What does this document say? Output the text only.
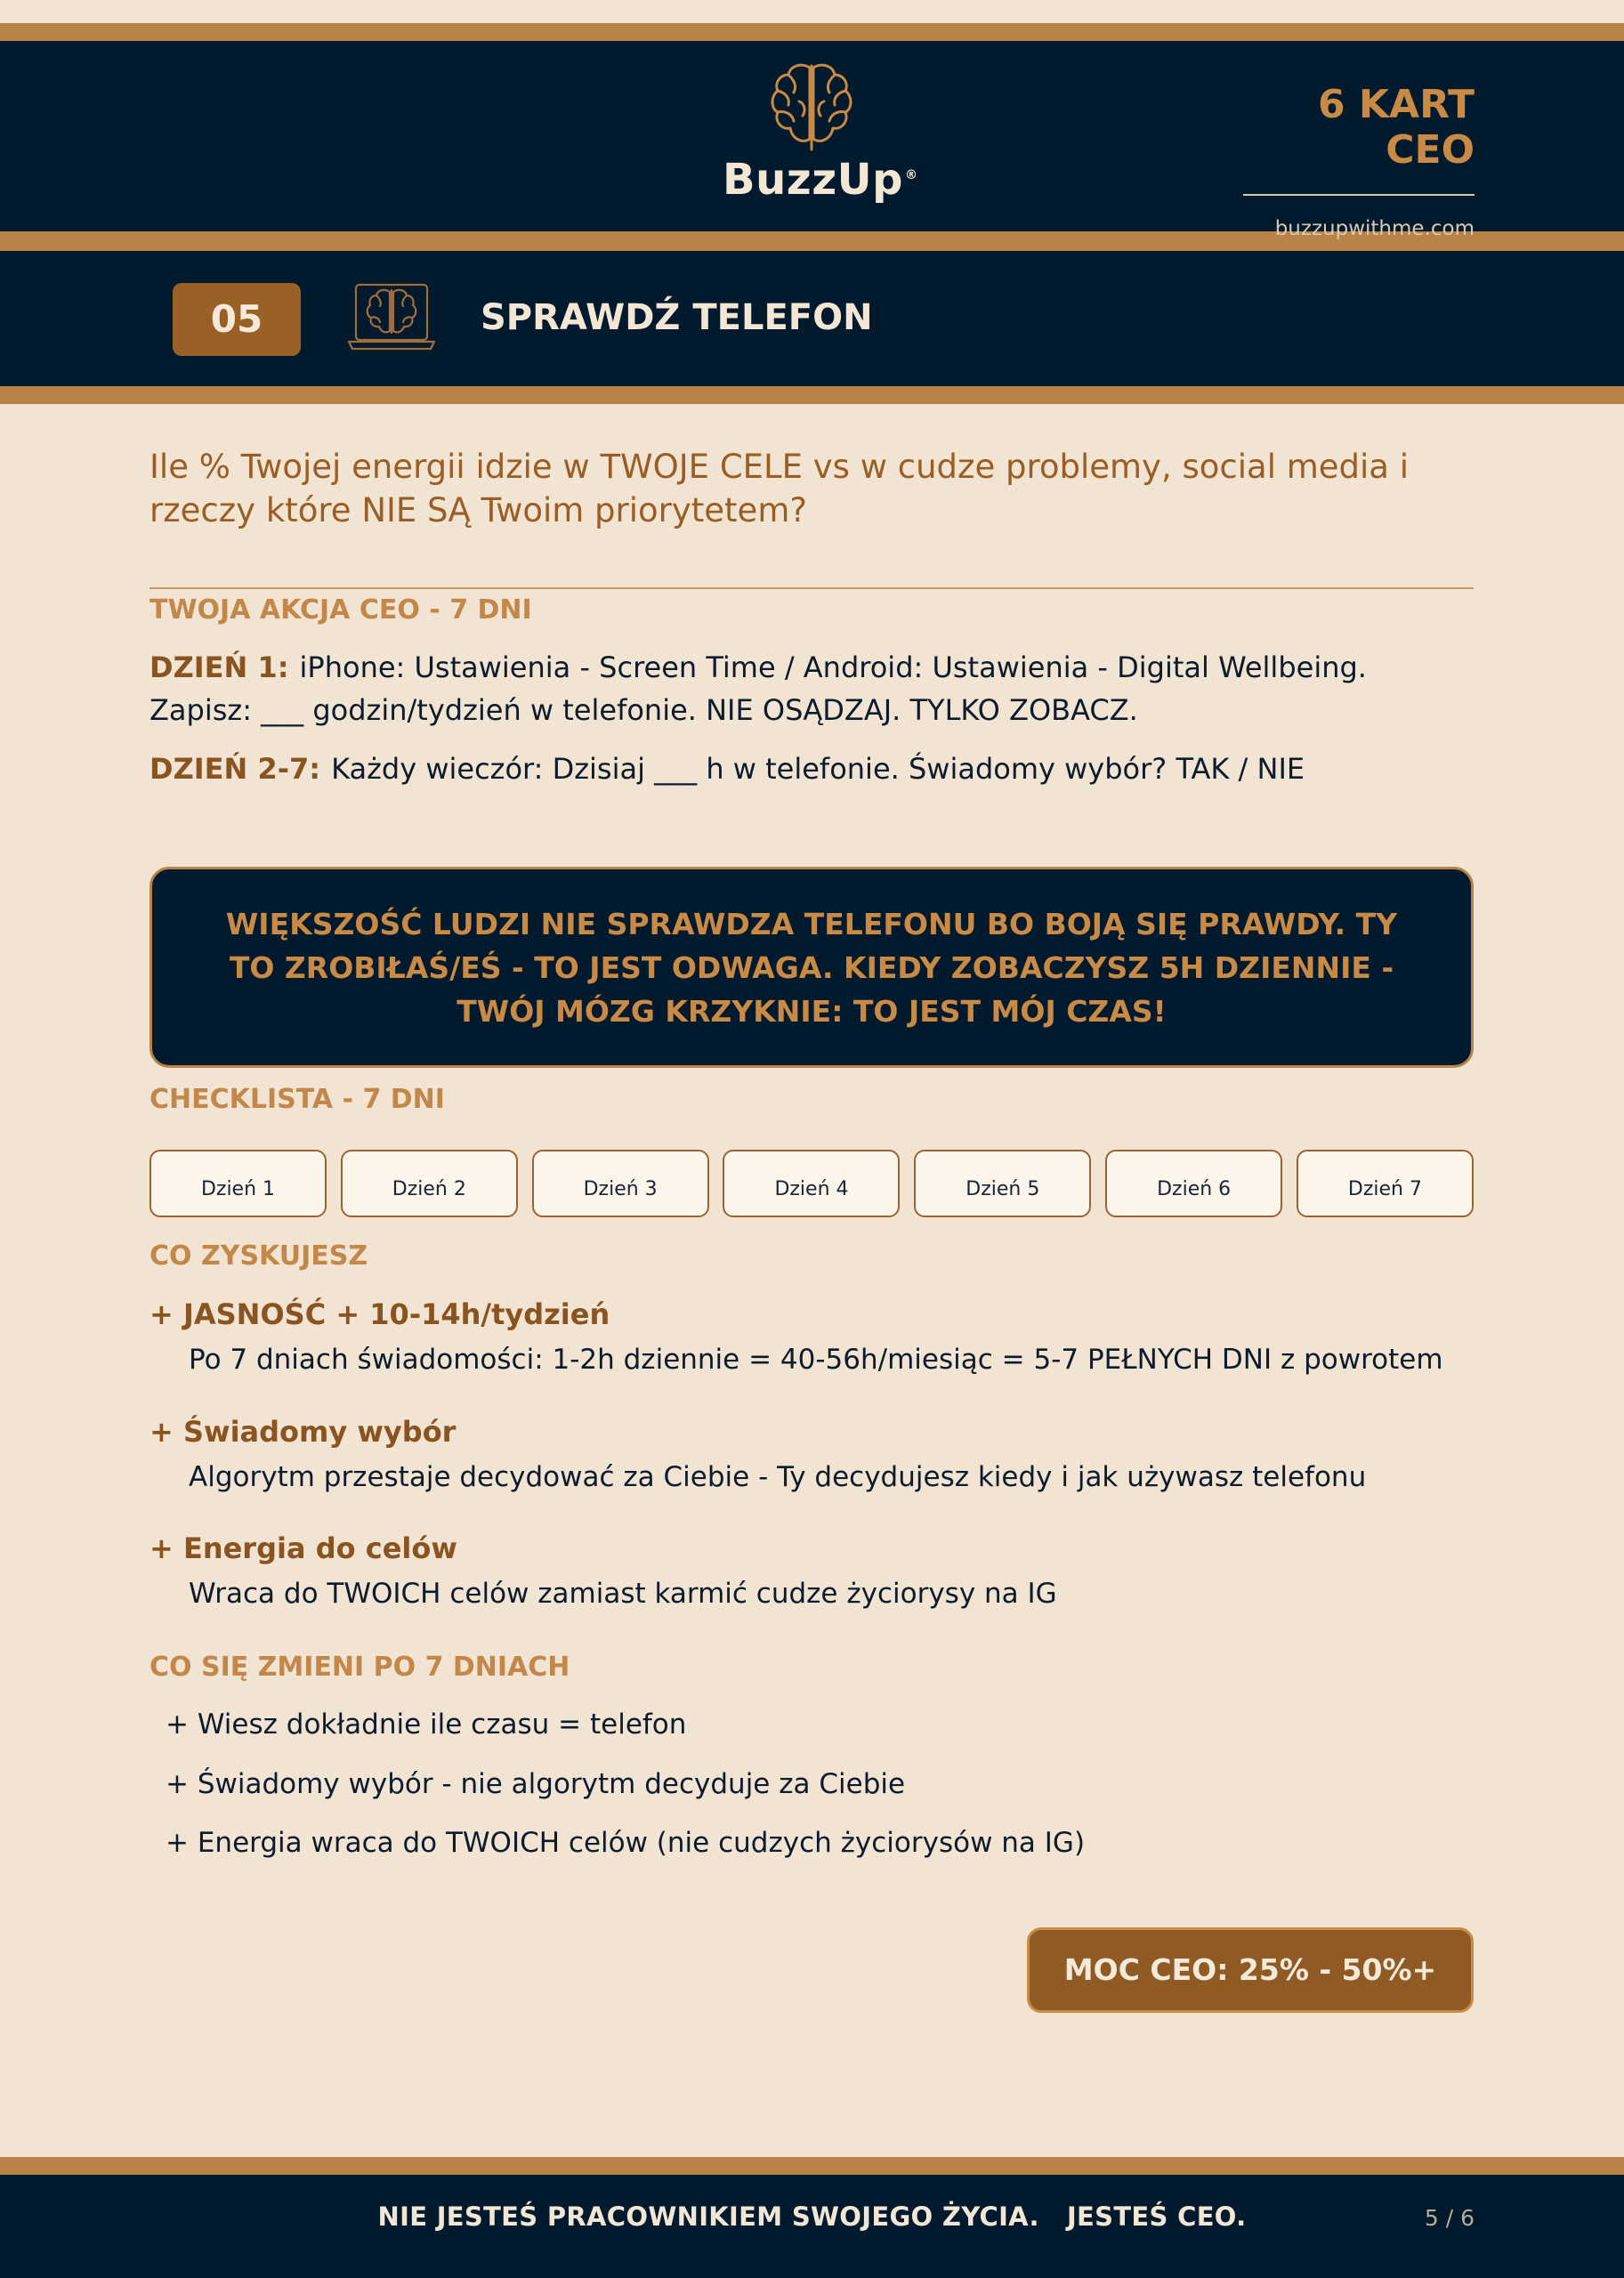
BuzzUp ®
6 KART CEO
buzzupwithme.com
05	SPRAWDŹ TELEFON
Ile % Twojej energii idzie w TWOJE CELE vs w cudze problemy, social media i rzeczy które NIE SĄ Twoim priorytetem?
TWOJA AKCJA CEO - 7 DNI
DZIEŃ 1: iPhone: Ustawienia - Screen Time / Android: Ustawienia - Digital Wellbeing. Zapisz: ___ godzin/tydzień w telefonie. NIE OSĄDZAJ. TYLKO ZOBACZ.
DZIEŃ 2-7: Każdy wieczór: Dzisiaj ___ h w telefonie. Świadomy wybór? TAK / NIE
WIĘKSZOŚĆ LUDZI NIE SPRAWDZA TELEFONU BO BOJĄ SIĘ PRAWDY. TY TO ZROBIŁAŚ/EŚ - TO JEST ODWAGA. KIEDY ZOBACZYSZ 5H DZIENNIE - TWÓJ MÓZG KRZYKNIE: TO JEST MÓJ CZAS!
CHECKLISTA - 7 DNI
Dzień 1	Dzień 2	Dzień 3	Dzień 4	Dzień 5	Dzień 6	Dzień 7
CO ZYSKUJESZ
+ JASNOŚĆ + 10-14h/tydzień
Po 7 dniach świadomości: 1-2h dziennie = 40-56h/miesiąc = 5-7 PEŁNYCH DNI z powrotem
+ Świadomy wybór
Algorytm przestaje decydować za Ciebie - Ty decydujesz kiedy i jak używasz telefonu
+ Energia do celów
Wraca do TWOICH celów zamiast karmić cudze życiorysy na IG
CO SIĘ ZMIENI PO 7 DNIACH
+ Wiesz dokładnie ile czasu = telefon
+ Świadomy wybór - nie algorytm decyduje za Ciebie
+ Energia wraca do TWOICH celów (nie cudzych życiorysów na IG)
MOC CEO: 25% - 50%+
NIE JESTEŚ PRACOWNIKIEM SWOJEGO ŻYCIA.   JESTEŚ CEO.	5 / 6
